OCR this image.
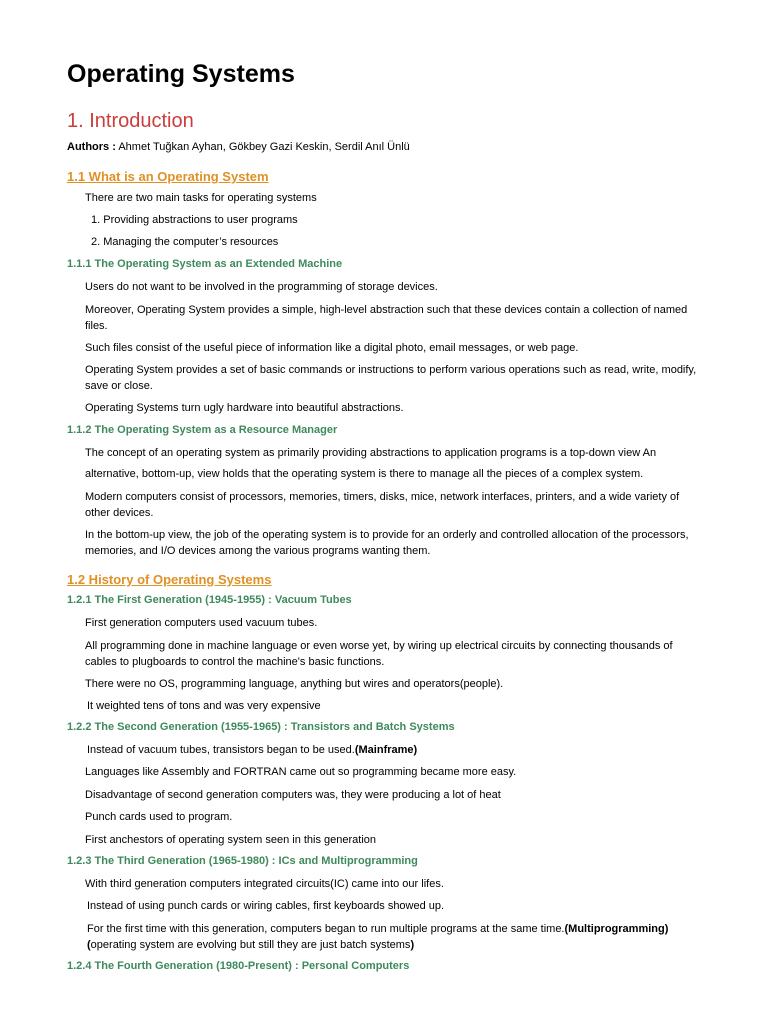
Operating Systems
1. Introduction
Authors : Ahmet Tuğkan Ayhan, Gökbey Gazi Keskin, Serdil Anıl Ünlü
1.1 What is an Operating System
There are two main tasks for operating systems
1. Providing abstractions to user programs
2. Managing the computer’s resources
1.1.1 The Operating System as an Extended Machine
Users do not want to be involved in the programming of storage devices.
Moreover, Operating System provides a simple, high-level abstraction such that these devices contain a collection of named files.
Such files consist of the useful piece of information like a digital photo, email messages, or web page.
Operating System provides a set of basic commands or instructions to perform various operations such as read, write, modify, save or close.
Operating Systems turn ugly hardware into beautiful abstractions.
1.1.2 The Operating System as a Resource Manager
The concept of an operating system as primarily providing abstractions to application programs is a top-down view An
alternative, bottom-up, view holds that the operating system is there to manage all the pieces of a complex system.
Modern computers consist of processors, memories, timers, disks, mice, network interfaces, printers, and a wide variety of other devices.
In the bottom-up view, the job of the operating system is to provide for an orderly and controlled allocation of the processors, memories, and I/O devices among the various programs wanting them.
1.2 History of Operating Systems
1.2.1 The First Generation (1945-1955) : Vacuum Tubes
First generation computers used vacuum tubes.
All programming done in machine language or even worse yet, by wiring up electrical circuits by connecting thousands of cables to plugboards to control the machine's basic functions.
There were no OS, programming language, anything but wires and operators(people).
It weighted tens of tons and was very expensive
1.2.2 The Second Generation (1955-1965) : Transistors and Batch Systems
Instead of vacuum tubes, transistors began to be used.(Mainframe)
Languages like Assembly and FORTRAN came out so programming became more easy.
Disadvantage of second generation computers was, they were producing a lot of heat
Punch cards used to program.
First anchestors of operating system seen in this generation
1.2.3 The Third Generation (1965-1980) : ICs and Multiprogramming
With third generation computers integrated circuits(IC) came into our lifes.
Instead of using punch cards or wiring cables, first keyboards showed up.
For the first time with this generation, computers began to run multiple programs at the same time.(Multiprogramming)
(operating system are evolving but still they are just batch systems)
1.2.4 The Fourth Generation (1980-Present) : Personal Computers
